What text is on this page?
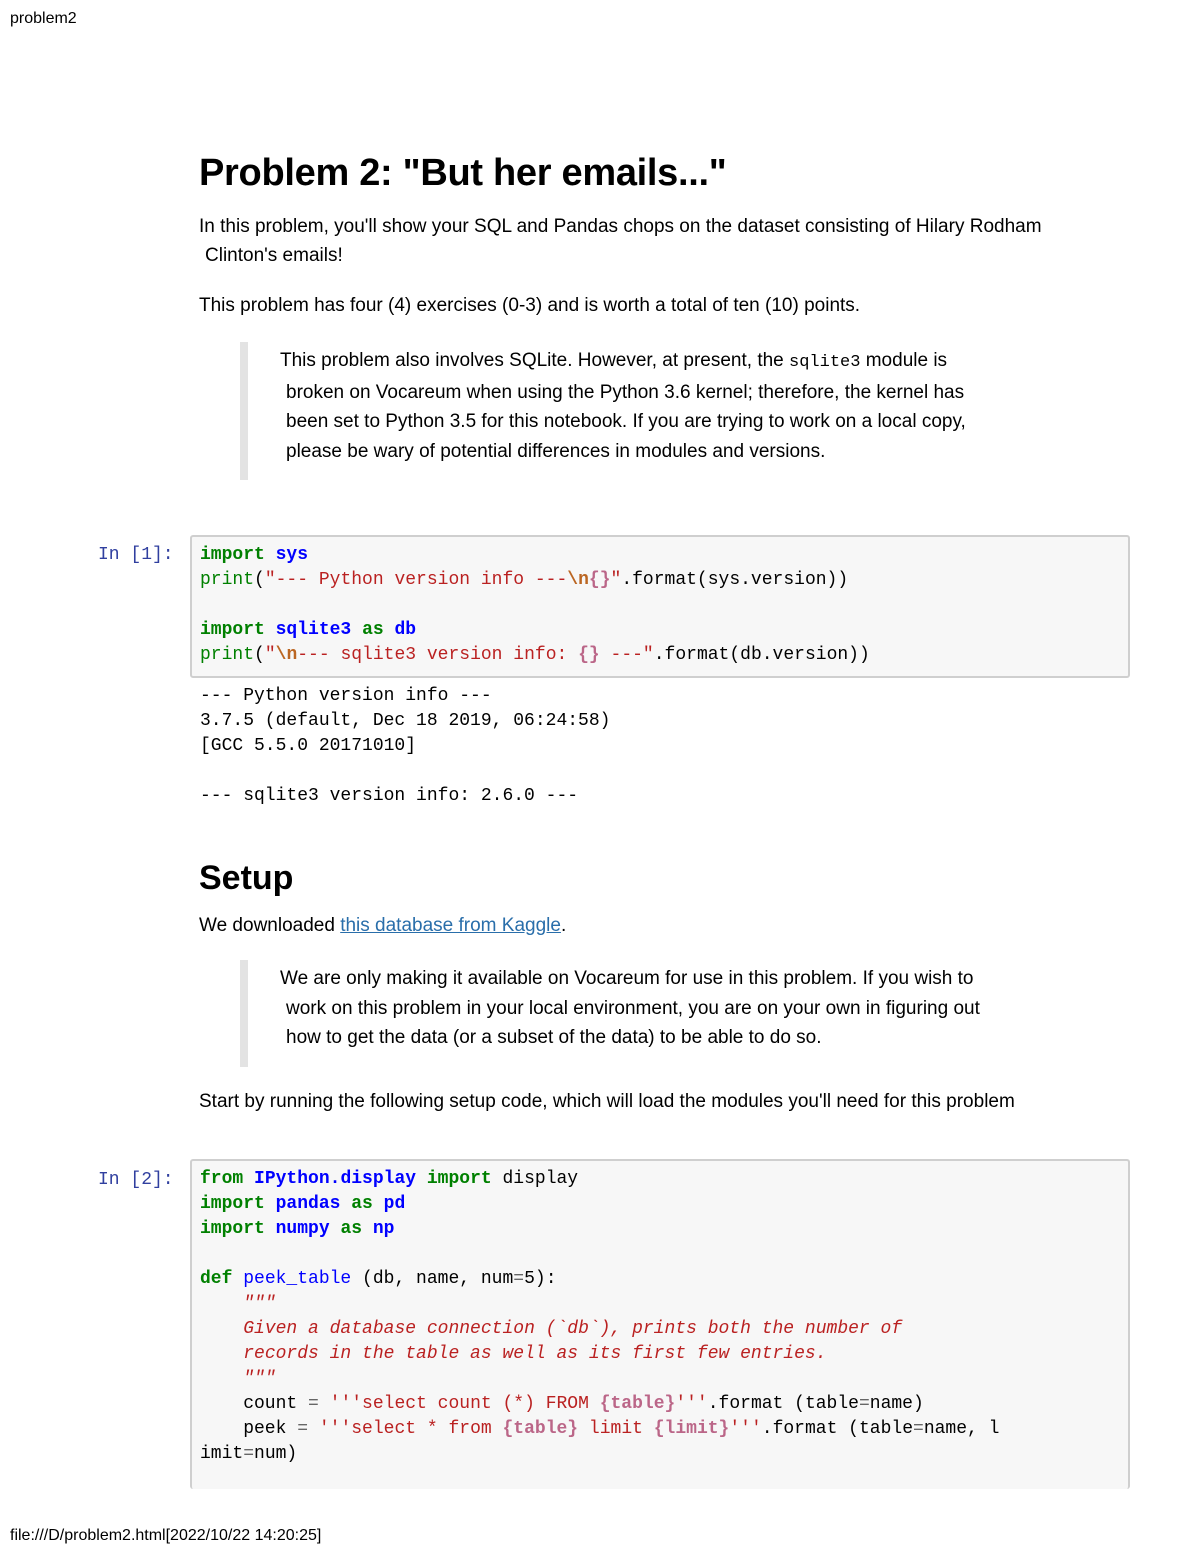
problem2
Problem 2: "But her emails..."

In this problem, you'll show your SQL and Pandas chops on the dataset consisting of Hilary Rodham

Clinton's emails!

This problem has four (4) exercises (0-3) and is worth a total of ten (10) points.

This problem also involves SQLite. However, at present, the sqlite3 module is

broken on Vocareum when using the Python 3.6 kernel; therefore, the kernel has
been set to Python 3.5 for this notebook. If you are trying to work on a local copy,
please be wary of potential differences in modules and versions.
In [1]:	import sys
print("--- Python version info ---\n{}".format(sys.version))

import sqlite3 as db
print("\n--- sqlite3 version info: {} ---".format(db.version))
--- Python version info ---
3.7.5 (default, Dec 18 2019, 06:24:58)
[GCC 5.5.0 20171010]

--- sqlite3 version info: 2.6.0 ---
Setup

We downloaded this database from Kaggle.

We are only making it available on Vocareum for use in this problem. If you wish to

work on this problem in your local environment, you are on your own in figuring out
how to get the data (or a subset of the data) to be able to do so.

Start by running the following setup code, which will load the modules you'll need for this problem

In [2]:	from IPython.display import display
import pandas as pd
import numpy as np

def peek_table (db, name, num=5):
"""
Given a database connection (`db`), prints both the number of
records in the table as well as its first few entries.
"""
count = '''select count (*) FROM {table}'''.format (table=name)
peek = '''select * from {table} limit {limit}'''.format (table=name, l
imit=num)
file:///D/problem2.html[2022/10/22 14:20:25]
